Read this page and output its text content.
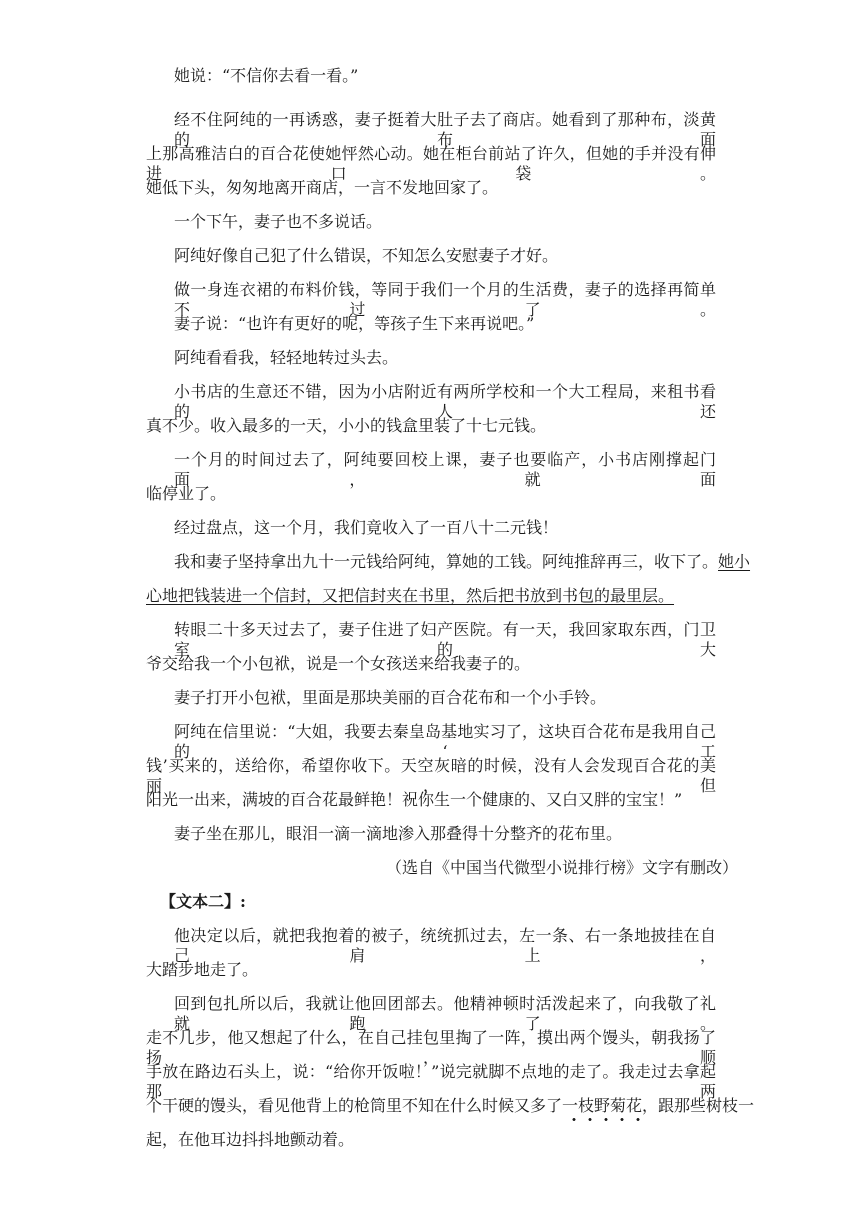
她说：“不信你去看一看。”
经不住阿纯的一再诱惑，妻子挺着大肚子去了商店。她看到了那种布，淡黄的布面
上那高雅洁白的百合花使她怦然心动。她在柜台前站了许久，但她的手并没有伸进口袋。
她低下头，匆匆地离开商店，一言不发地回家了。
一个下午，妻子也不多说话。
阿纯好像自己犯了什么错误，不知怎么安慰妻子才好。
做一身连衣裙的布料价钱，等同于我们一个月的生活费，妻子的选择再简单不过了。
妻子说：“也许有更好的呢，等孩子生下来再说吧。”
阿纯看看我，轻轻地转过头去。
小书店的生意还不错，因为小店附近有两所学校和一个大工程局，来租书看的人还
真不少。收入最多的一天，小小的钱盒里装了十七元钱。
一个月的时间过去了，阿纯要回校上课，妻子也要临产，小书店刚撑起门面，就面
临停业了。
经过盘点，这一个月，我们竟收入了一百八十二元钱！
我和妻子坚持拿出九十一元钱给阿纯，算她的工钱。阿纯推辞再三，收下了。她小
心地把钱装进一个信封，又把信封夹在书里，然后把书放到书包的最里层。
转眼二十多天过去了，妻子住进了妇产医院。有一天，我回家取东西，门卫室的大
爷交给我一个小包袱，说是一个女孩送来给我妻子的。
妻子打开小包袱，里面是那块美丽的百合花布和一个小手铃。
阿纯在信里说：“大姐，我要去秦皇岛基地实习了，这块百合花布是我用自己的‘工
钱’买来的，送给你，希望你收下。天空灰暗的时候，没有人会发现百合花的美丽，但
阳光一出来，满坡的百合花最鲜艳！祝你生一个健康的、又白又胖的宝宝！”
妻子坐在那儿，眼泪一滴一滴地渗入那叠得十分整齐的花布里。
（选自《中国当代微型小说排行榜》文字有删改）
【文本二】:
他决定以后，就把我抱着的被子，统统抓过去，左一条、右一条地披挂在自己肩上，
大踏步地走了。
回到包扎所以后，我就让他回团部去。他精神顿时活泼起来了，向我敬了礼就跑了。
走不几步，他又想起了什么，在自己挂包里掏了一阵，摸出两个馒头，朝我扬了扬，顺
手放在路边石头上，说：“给你开饭啦！”说完就脚不点地的走了。我走过去拿起那两
个干硬的馒头，看见他背上的枪筒里不知在什么时候又多了一枝野菊花，跟那些树枝一
起，在他耳边抖抖地颤动着。
